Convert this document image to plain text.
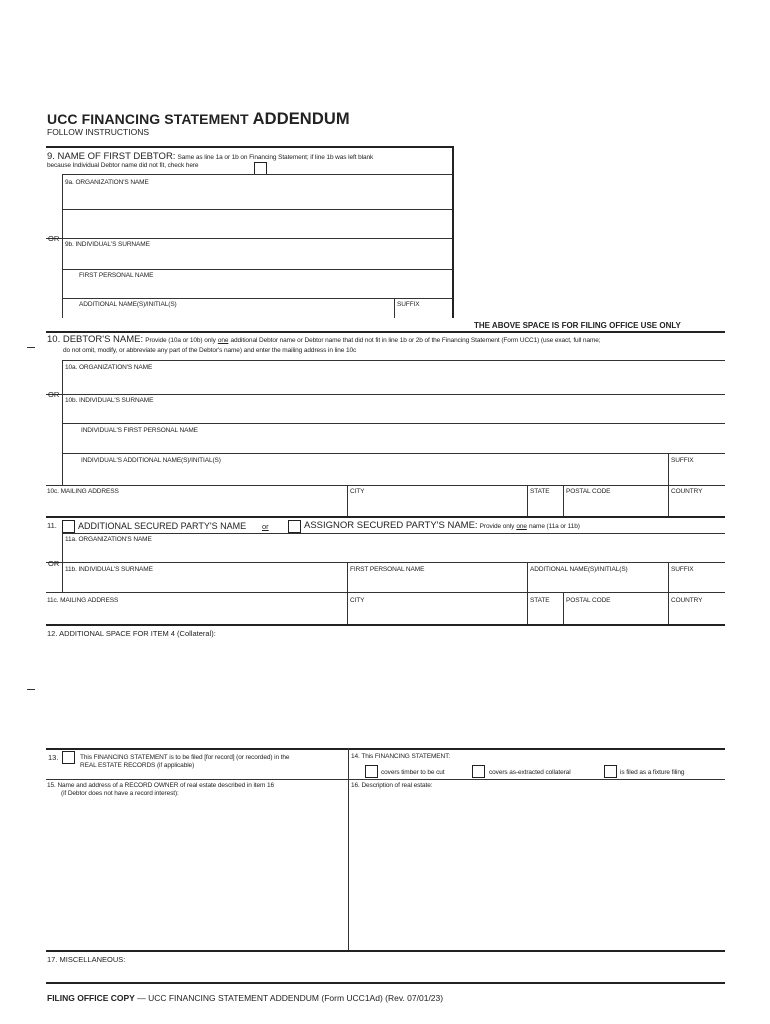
UCC FINANCING STATEMENT ADDENDUM
FOLLOW INSTRUCTIONS
9. NAME OF FIRST DEBTOR: Same as line 1a or 1b on Financing Statement; if line 1b was left blank
because Individual Debtor name did not fit, check here
9a. ORGANIZATION'S NAME
OR
9b. INDIVIDUAL'S SURNAME
FIRST PERSONAL NAME
ADDITIONAL NAME(S)/INITIAL(S)	SUFFIX
THE ABOVE SPACE IS FOR FILING OFFICE USE ONLY
10. DEBTOR'S NAME: Provide (10a or 10b) only one additional Debtor name or Debtor name that did not fit in line 1b or 2b of the Financing Statement (Form UCC1) (use exact, full name;
do not omit, modify, or abbreviate any part of the Debtor's name) and enter the mailing address in line 10c
10a. ORGANIZATION'S NAME
OR
10b. INDIVIDUAL'S SURNAME
INDIVIDUAL'S FIRST PERSONAL NAME
INDIVIDUAL'S ADDITIONAL NAME(S)/INITIAL(S)	SUFFIX
10c. MAILING ADDRESS	CITY	STATE	POSTAL CODE	COUNTRY
11. ADDITIONAL SECURED PARTY'S NAME or	ASSIGNOR SECURED PARTY'S NAME: Provide only one name (11a or 11b)
11a. ORGANIZATION'S NAME
OR
11b. INDIVIDUAL'S SURNAME	FIRST PERSONAL NAME	ADDITIONAL NAME(S)/INITIAL(S)	SUFFIX
11c. MAILING ADDRESS	CITY	STATE	POSTAL CODE	COUNTRY
12. ADDITIONAL SPACE FOR ITEM 4 (Collateral):
13.	This FINANCING STATEMENT is to be filed [for record] (or recorded) in the
REAL ESTATE RECORDS (if applicable)
14. This FINANCING STATEMENT:
covers timber to be cut	covers as-extracted collateral	is filed as a fixture filing
15. Name and address of a RECORD OWNER of real estate described in item 16
(if Debtor does not have a record interest):
16. Description of real estate:
17. MISCELLANEOUS:
FILING OFFICE COPY — UCC FINANCING STATEMENT ADDENDUM (Form UCC1Ad) (Rev. 07/01/23)
